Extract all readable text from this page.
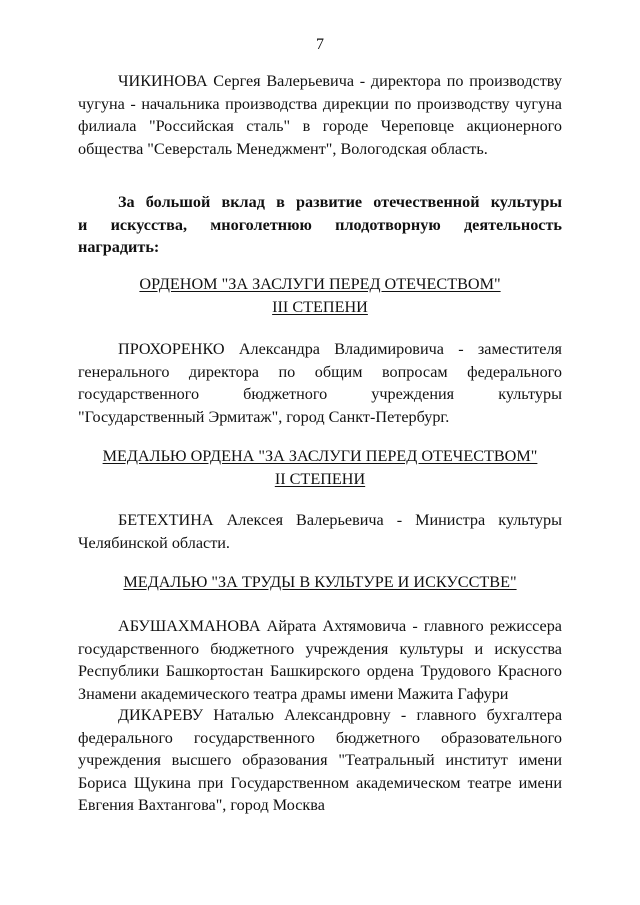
7

ЧИКИНОВА Сергея Валерьевича - директора по производству чугуна - начальника производства дирекции по производству чугуна филиала "Российская сталь" в городе Череповце акционерного общества "Северсталь Менеджмент", Вологодская область.

За большой вклад в развитие отечественной культуры
и искусства, многолетнюю плодотворную деятельность
наградить:
ОРДЕНОМ "ЗА ЗАСЛУГИ ПЕРЕД ОТЕЧЕСТВОМ"
III СТЕПЕНИ

ПРОХОРЕНКО Александра Владимировича - заместителя генерального директора по общим вопросам федерального государственного бюджетного учреждения культуры "Государственный Эрмитаж", город Санкт-Петербург.

МЕДАЛЬЮ ОРДЕНА "ЗА ЗАСЛУГИ ПЕРЕД ОТЕЧЕСТВОМ"
II СТЕПЕНИ

БЕТЕХТИНА Алексея Валерьевича - Министра культуры Челябинской области.

МЕДАЛЬЮ "ЗА ТРУДЫ В КУЛЬТУРЕ И ИСКУССТВЕ"

АБУШАХМАНОВА Айрата Ахтямовича - главного режиссера государственного бюджетного учреждения культуры и искусства Республики Башкортостан Башкирского ордена Трудового Красного Знамени академического театра драмы имени Мажита Гафури

ДИКАРЕВУ Наталью Александровну - главного бухгалтера федерального государственного бюджетного образовательного учреждения высшего образования "Театральный институт имени Бориса Щукина при Государственном академическом театре имени Евгения Вахтангова", город Москва
